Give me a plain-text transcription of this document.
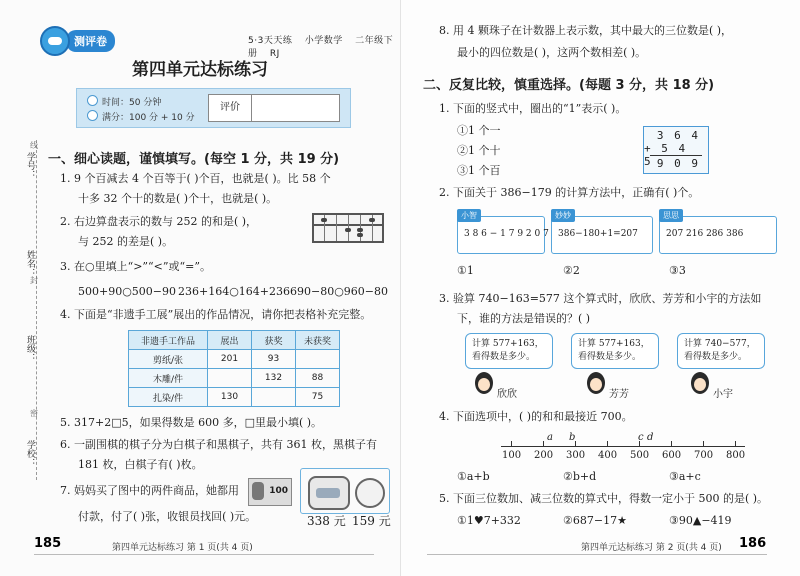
测评卷	5·3天天练 小学数学 二年级下册 RJ
第四单元达标练习
时间：50 分钟
满分：100 分 + 10 分
评价
学号：
姓名：
班级：
学校：
线
封
密
一、细心读题，谨慎填写。(每空 1 分，共 19 分)
1. 9 个百减去 4 个百等于( )个百，也就是( )。比 58 个
十多 32 个十的数是( )个十，也就是( )。
2. 右边算盘表示的数与 252 的和是( )，
与 252 的差是( )。
3. 在○里填上“>”“<”或“=”。
500+90○500−90 236+164○164+236 690−80○960−80
4. 下面是“非遗手工展”展出的作品情况，请你把表格补充完整。
非遗手工作品	展出	获奖	未获奖
剪纸/张	201	93	
木雕/件		132	88
扎染/件	130		75
5. 317+2□5，如果得数是 600 多，□里最小填( )。
6. 一副围棋的棋子分为白棋子和黑棋子，共有 361 枚，黑棋子有
181 枚，白棋子有( )枚。
7. 妈妈买了图中的两件商品，她都用
付款，付了( )张，收银员找回( )元。
100
338 元 159 元
185	第四单元达标练习 第 1 页(共 4 页)
8. 用 4 颗珠子在计数器上表示数，其中最大的三位数是( )，
最小的四位数是( )，这两个数相差( )。
二、反复比较，慎重选择。(每题 3 分，共 18 分)
1. 下面的竖式中，圈出的“1”表示( )。
①1 个一
②1 个十
③1 个百
3 6 4
+ 5 4 5 9 0 9
2. 下面关于 386−179 的计算方法中，正确有( )个。
小智
3 8 6 − 1 7 9 2 0 7
妙妙
386−180+1=207
思思
207 216 286 386
①1	②2	③3
3. 验算 740−163=577 这个算式时，欣欣、芳芳和小宇的方法如
下，谁的方法是错误的？( )
计算 577+163，看得数是多少。
计算 577+163，看得数是多少。
计算 740−577，看得数是多少。
欣欣	芳芳	小宇
4. 下面选项中，( )的和和最接近 700。
100 200 300 400 500 600 700 800
a b	c d
①a+b	②b+d	③a+c
5. 下面三位数加、减三位数的算式中，得数一定小于 500 的是( )。
①1♥7+332	②687−17★	③90▲−419
第四单元达标练习 第 2 页(共 4 页) 186
